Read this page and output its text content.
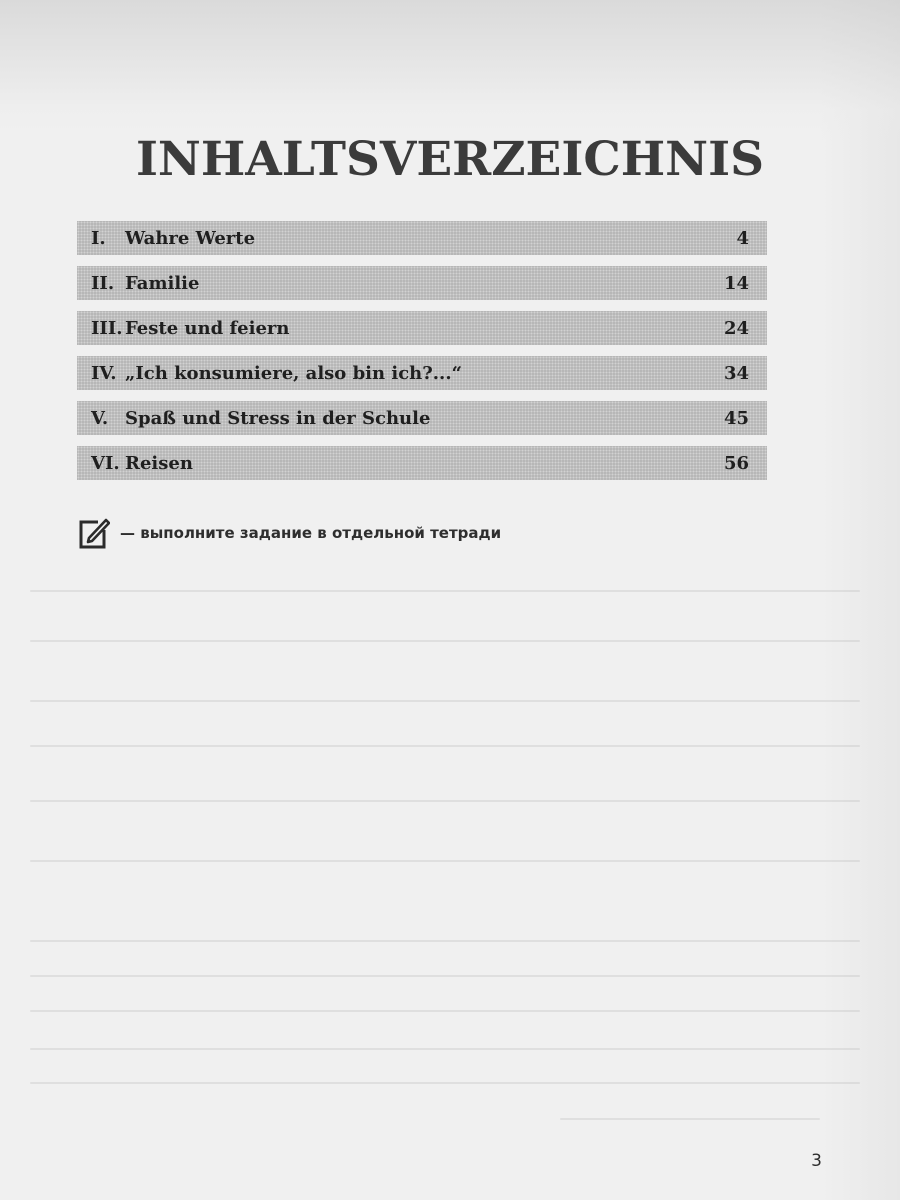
INHALTSVERZEICHNIS
I.	Wahre Werte	4
II. Familie	14
III. Feste und feiern	24
IV. „Ich konsumiere, also bin ich?...“	34
V. Spaß und Stress in der Schule	45
VI. Reisen	56
— выполните задание в отдельной тетради
3
